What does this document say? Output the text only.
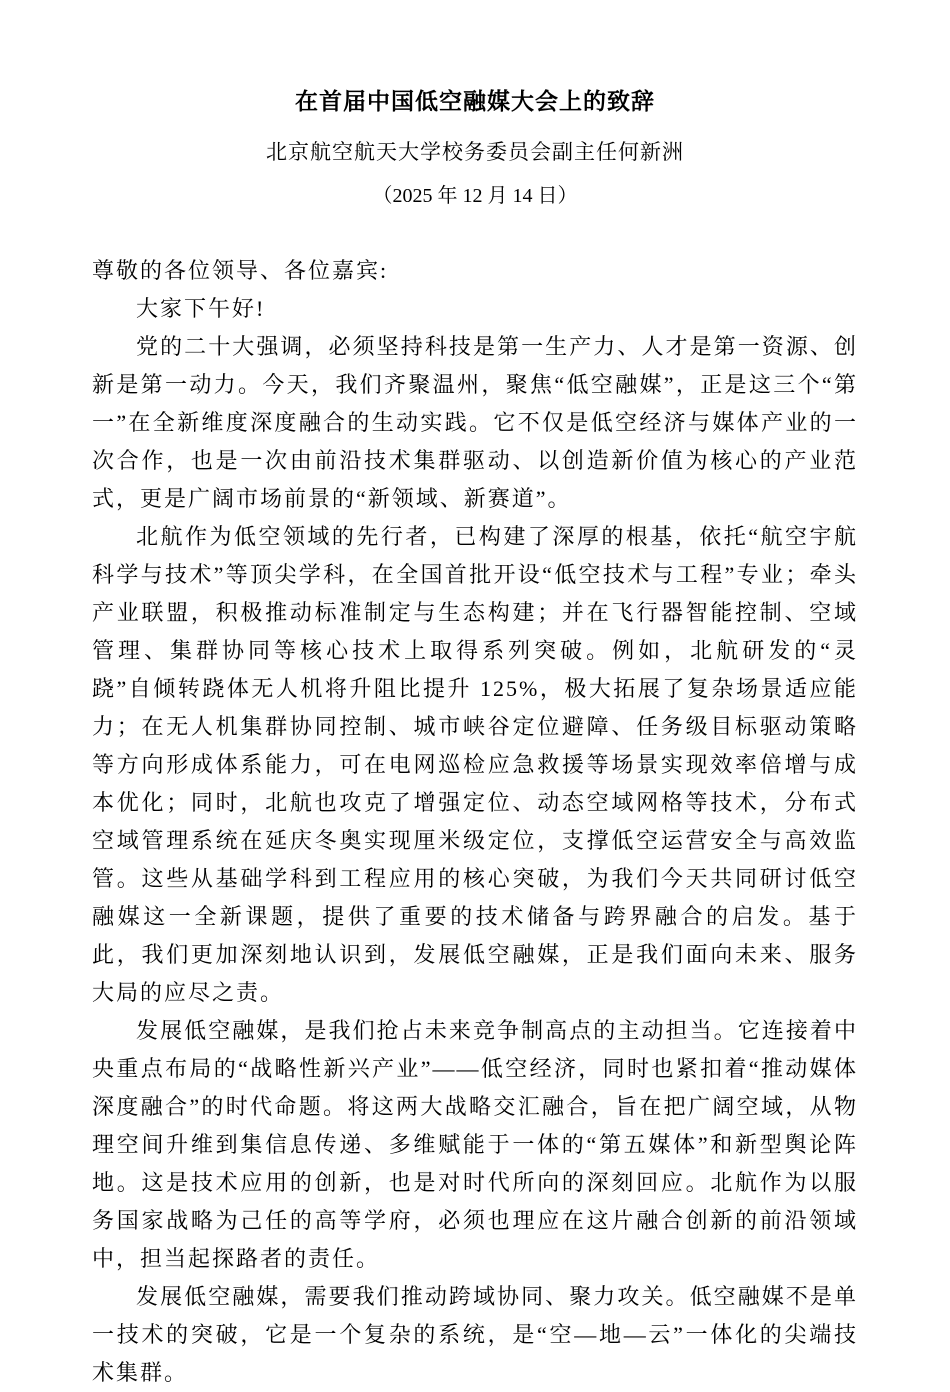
在首届中国低空融媒大会上的致辞
北京航空航天大学校务委员会副主任何新洲
（2025 年 12 月 14 日）

尊敬的各位领导、各位嘉宾:

大家下午好!

党的二十大强调，必须坚持科技是第一生产力、人才是第一资源、创新是第一动力。今天，我们齐聚温州，聚焦“低空融媒”，正是这三个“第一”在全新维度深度融合的生动实践。它不仅是低空经济与媒体产业的一次合作，也是一次由前沿技术集群驱动、以创造新价值为核心的产业范式，更是广阔市场前景的“新领域、新赛道”。

北航作为低空领域的先行者，已构建了深厚的根基，依托“航空宇航科学与技术”等顶尖学科，在全国首批开设“低空技术与工程”专业；牵头产业联盟，积极推动标准制定与生态构建；并在飞行器智能控制、空域管理、集群协同等核心技术上取得系列突破。例如，北航研发的“灵跷”自倾转跷体无人机将升阻比提升 125%，极大拓展了复杂场景适应能力；在无人机集群协同控制、城市峡谷定位避障、任务级目标驱动策略等方向形成体系能力，可在电网巡检应急救援等场景实现效率倍增与成本优化；同时，北航也攻克了增强定位、动态空域网格等技术，分布式空域管理系统在延庆冬奥实现厘米级定位，支撑低空运营安全与高效监管。这些从基础学科到工程应用的核心突破，为我们今天共同研讨低空融媒这一全新课题，提供了重要的技术储备与跨界融合的启发。基于此，我们更加深刻地认识到，发展低空融媒，正是我们面向未来、服务大局的应尽之责。

发展低空融媒，是我们抢占未来竞争制高点的主动担当。它连接着中央重点布局的“战略性新兴产业”——低空经济，同时也紧扣着“推动媒体深度融合”的时代命题。将这两大战略交汇融合，旨在把广阔空域，从物理空间升维到集信息传递、多维赋能于一体的“第五媒体”和新型舆论阵地。这是技术应用的创新，也是对时代所向的深刻回应。北航作为以服务国家战略为己任的高等学府，必须也理应在这片融合创新的前沿领域中，担当起探路者的责任。

发展低空融媒，需要我们推动跨域协同、聚力攻关。低空融媒不是单一技术的突破，它是一个复杂的系统，是“空—地—云”一体化的尖端技术集群。
